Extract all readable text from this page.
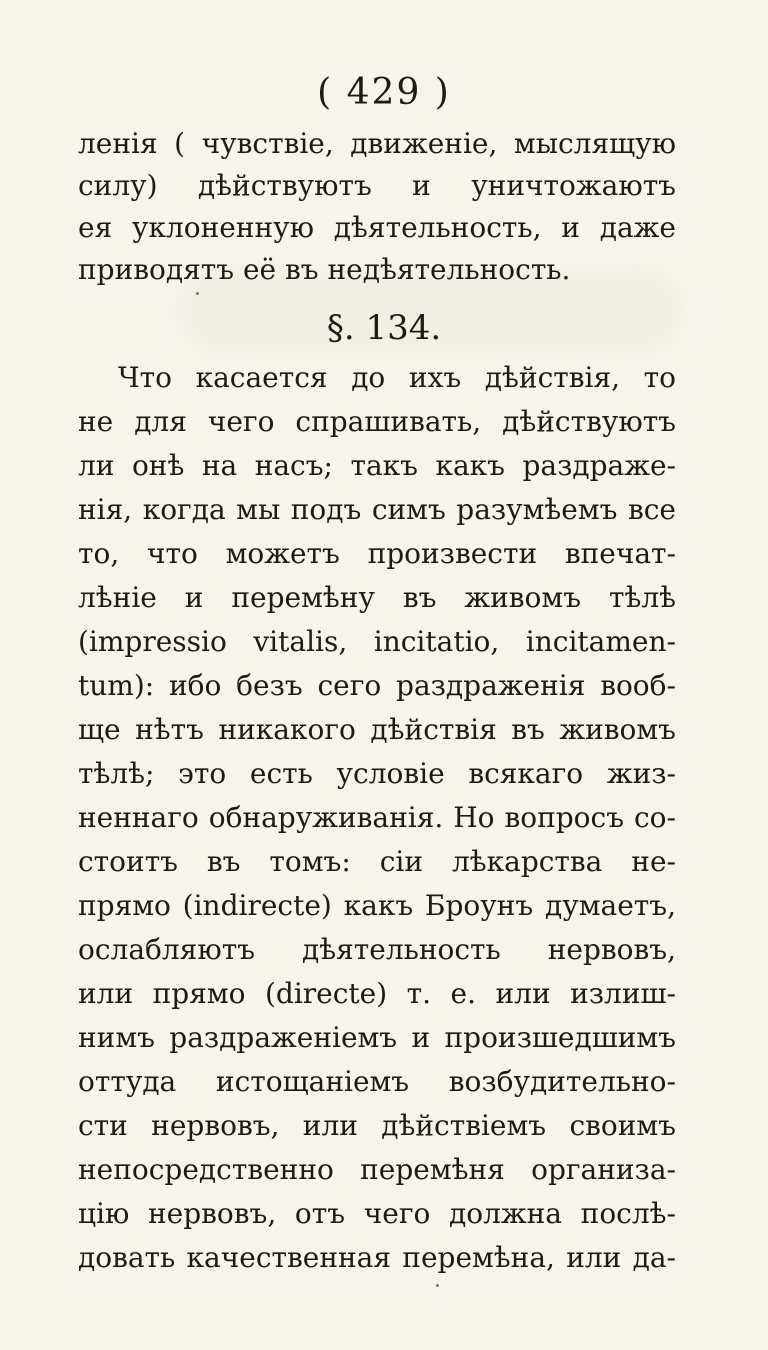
( 429 )
ленія ( чувствіе, движеніе, мыслящую
силу) дѣйствуютъ и уничтожаютъ
ея уклоненную дѣятельность, и даже
приводятъ её въ недѣятельность.
§. 134.
Что касается до ихъ дѣйствія, то
не для чего спрашивать, дѣйствуютъ
ли онѣ на насъ; такъ какъ раздраже-
нія, когда мы подъ симъ разумѣемъ все
то, что можетъ произвести впечат-
лѣніе и перемѣну въ живомъ тѣлѣ
(impressio vitalis, incitatio, incitamen-
tum): ибо безъ сего раздраженія вооб-
ще нѣтъ никакого дѣйствія въ живомъ
тѣлѣ; это есть условіе всякаго жиз-
неннаго обнаруживанія. Но вопросъ со-
стоитъ въ томъ: сіи лѣкарства не-
прямо (indirecte) какъ Броунъ думаетъ,
ослабляютъ дѣятельность нервовъ,
или прямо (directe) т. е. или излиш-
нимъ раздраженіемъ и произшедшимъ
оттуда истощаніемъ возбудительно-
сти нервовъ, или дѣйствіемъ своимъ
непосредственно перемѣня организа-
цію нервовъ, отъ чего должна послѣ-
довать качественная перемѣна, или да-
